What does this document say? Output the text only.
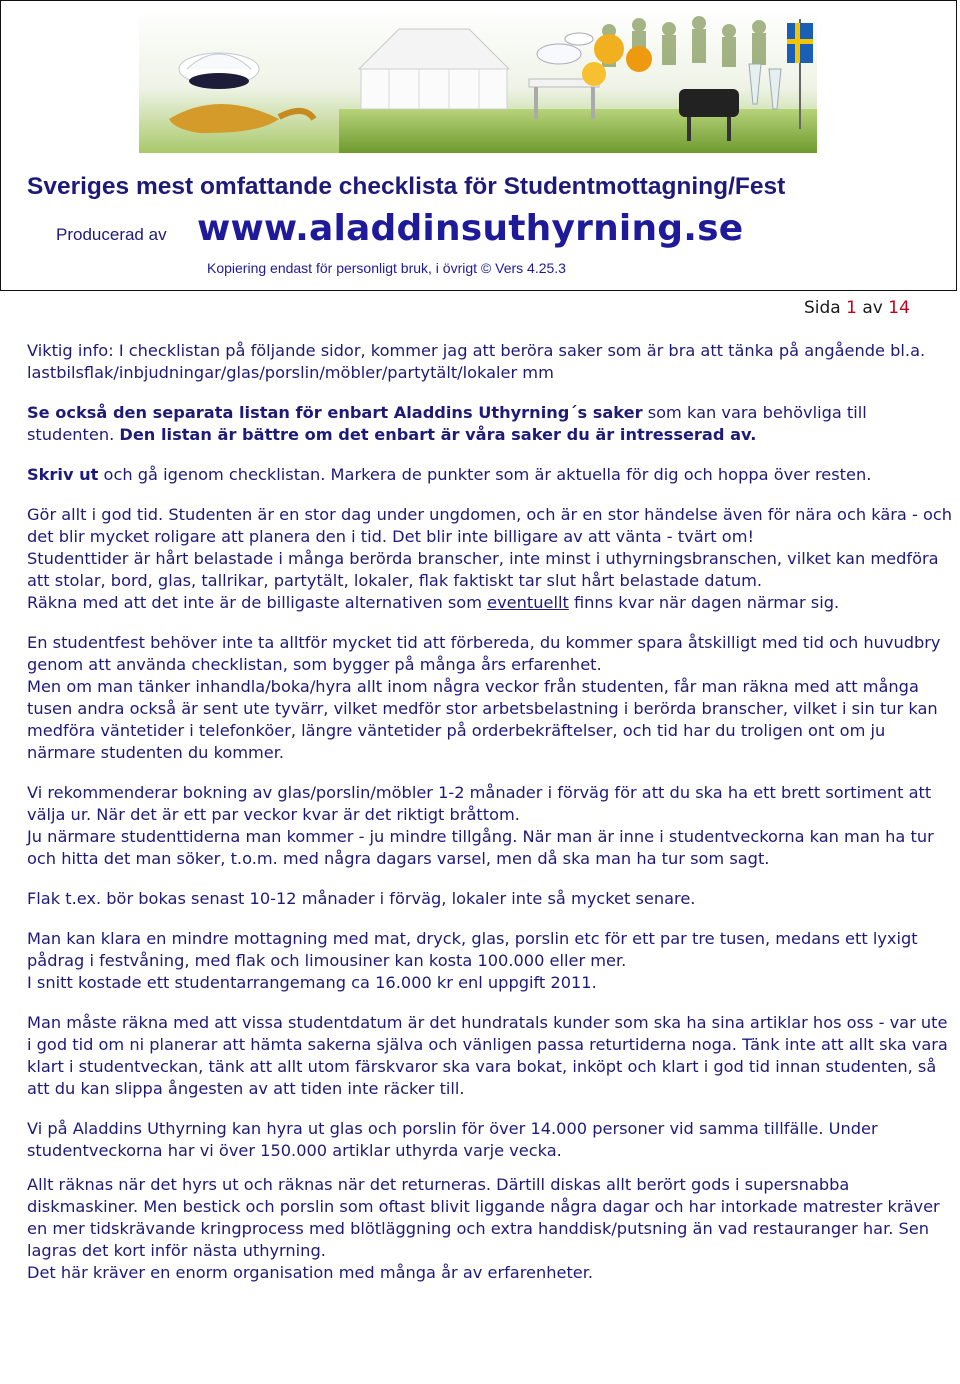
Sveriges mest omfattande checklista för Studentmottagning/Fest
Producerad av www.aladdinsuthyrning.se
Kopiering endast för personligt bruk, i övrigt © Vers 4.25.3
Sida 1 av 14

Viktig info: I checklistan på följande sidor, kommer jag att beröra saker som är bra att tänka på angående bl.a. lastbilsflak/inbjudningar/glas/porslin/möbler/partytält/lokaler mm

Se också den separata listan för enbart Aladdins Uthyrning´s saker som kan vara behövliga till studenten. Den listan är bättre om det enbart är våra saker du är intresserad av.

Skriv ut och gå igenom checklistan. Markera de punkter som är aktuella för dig och hoppa över resten.

Gör allt i god tid. Studenten är en stor dag under ungdomen, och är en stor händelse även för nära och kära - och det blir mycket roligare att planera den i tid. Det blir inte billigare av att vänta - tvärt om!

Studenttider är hårt belastade i många berörda branscher, inte minst i uthyrningsbranschen, vilket kan medföra att stolar, bord, glas, tallrikar, partytält, lokaler, flak faktiskt tar slut hårt belastade datum.

Räkna med att det inte är de billigaste alternativen som eventuellt finns kvar när dagen närmar sig.

En studentfest behöver inte ta alltför mycket tid att förbereda, du kommer spara åtskilligt med tid och huvudbry genom att använda checklistan, som bygger på många års erfarenhet.

Men om man tänker inhandla/boka/hyra allt inom några veckor från studenten, får man räkna med att många tusen andra också är sent ute tyvärr, vilket medför stor arbetsbelastning i berörda branscher, vilket i sin tur kan medföra väntetider i telefonköer, längre väntetider på orderbekräftelser, och tid har du troligen ont om ju närmare studenten du kommer.

Vi rekommenderar bokning av glas/porslin/möbler 1-2 månader i förväg för att du ska ha ett brett sortiment att välja ur. När det är ett par veckor kvar är det riktigt bråttom.

Ju närmare studenttiderna man kommer - ju mindre tillgång. När man är inne i studentveckorna kan man ha tur och hitta det man söker, t.o.m. med några dagars varsel, men då ska man ha tur som sagt.

Flak t.ex. bör bokas senast 10-12 månader i förväg, lokaler inte så mycket senare.

Man kan klara en mindre mottagning med mat, dryck, glas, porslin etc för ett par tre tusen, medans ett lyxigt pådrag i festvåning, med flak och limousiner kan kosta 100.000 eller mer.

I snitt kostade ett studentarrangemang ca 16.000 kr enl uppgift 2011.

Man måste räkna med att vissa studentdatum är det hundratals kunder som ska ha sina artiklar hos oss - var ute i god tid om ni planerar att hämta sakerna själva och vänligen passa returtiderna noga. Tänk inte att allt ska vara klart i studentveckan, tänk att allt utom färskvaror ska vara bokat, inköpt och klart i god tid innan studenten, så att du kan slippa ångesten av att tiden inte räcker till.

Vi på Aladdins Uthyrning kan hyra ut glas och porslin för över 14.000 personer vid samma tillfälle. Under studentveckorna har vi över 150.000 artiklar uthyrda varje vecka.

Allt räknas när det hyrs ut och räknas när det returneras. Därtill diskas allt berört gods i supersnabba diskmaskiner. Men bestick och porslin som oftast blivit liggande några dagar och har intorkade matrester kräver en mer tidskrävande kringprocess med blötläggning och extra handdisk/putsning än vad restauranger har. Sen lagras det kort inför nästa uthyrning.

Det här kräver en enorm organisation med många år av erfarenheter.
